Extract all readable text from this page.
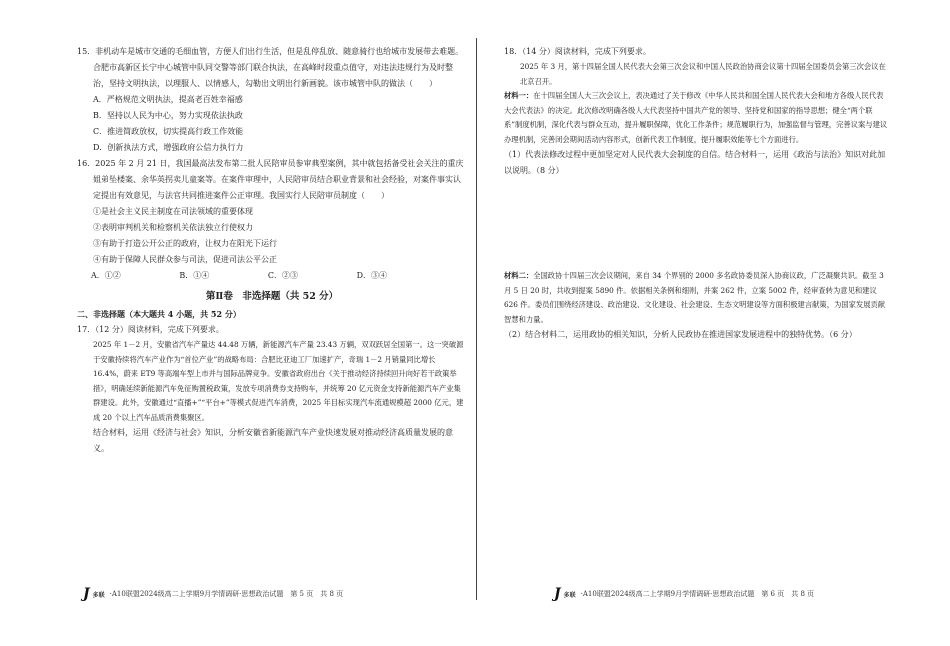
15．非机动车是城市交通的毛细血管，方便人们出行生活，但是乱停乱放、随意骑行也给城市发展带去难题。合肥市高新区长宁中心城管中队同交警等部门联合执法，在高峰时段重点值守，对违法违规行为及时整治，坚持文明执法，以理服人、以情感人，勾勒出文明出行新画貌。该市城管中队的做法（　　）

A．严格规范文明执法，提高老百姓幸福感

B．坚持以人民为中心，努力实现依法执政

C．推进简政放权，切实提高行政工作效能

D．创新执法方式，增强政府公信力执行力

16．2025 年 2 月 21 日，我国最高法发布第二批人民陪审员参审典型案例，其中就包括备受社会关注的重庆姐弟坠楼案、余华英拐卖儿童案等。在案件审理中，人民陪审员结合职业背景和社会经验，对案件事实认定提出有效意见，与法官共同推进案件公正审理。我国实行人民陪审员制度（　　）

①是社会主义民主制度在司法领域的重要体现

②表明审判机关和检察机关依法独立行使权力

③有助于打造公开公正的政府，让权力在阳光下运行

④有助于保障人民群众参与司法，促进司法公平公正

A．①②	B．①④	C．②③	D．③④

第Ⅱ卷　非选择题（共 52 分）

二、非选择题（本大题共 4 小题，共 52 分）

17．（12 分）阅读材料，完成下列要求。

2025 年 1－2 月，安徽省汽车产量达 44.48 万辆，新能源汽车产量 23.43 万辆，双双跃居全国第一。这一突破源于安徽持续将汽车产业作为“首位产业”的战略布局：合肥比亚迪工厂加速扩产，奇瑞 1－2 月销量同比增长 16.4%，蔚来 ET9 等高端车型上市并与国际品牌竞争。安徽省政府出台《关于推动经济持续回升向好若干政策举措》，明确延续新能源汽车免征购置税政策，发放专项消费券支持购车，并统筹 20 亿元资金支持新能源汽车产业集群建设。此外，安徽通过“直播+”“平台+”等模式促进汽车消费，2025 年目标实现汽车流通规模超 2000 亿元，建成 20 个以上汽车品质消费集聚区。

结合材料，运用《经济与社会》知识，分析安徽省新能源汽车产业快速发展对推动经济高质量发展的意义。

J 多联 ·A10联盟2024级高二上学期9月学情调研·思想政治试题　第 5 页　共 8 页

18．（14 分）阅读材料，完成下列要求。

2025 年 3 月，第十四届全国人民代表大会第三次会议和中国人民政治协商会议第十四届全国委员会第三次会议在北京召开。

材料一：在十四届全国人大三次会议上，表决通过了关于修改《中华人民共和国全国人民代表大会和地方各级人民代表大会代表法》的决定。此次修改明确各级人大代表坚持中国共产党的领导、坚持党和国家的指导思想；健全“两个联系”制度机制，深化代表与群众互动，提升履职保障，优化工作条件；规范履职行为，加强监督与管理，完善议案与建议办理机制，完善闭会期间活动内容形式，创新代表工作制度，提升履职效能等七个方面进行。

（1）代表法修改过程中更加坚定对人民代表大会制度的自信。结合材料一，运用《政治与法治》知识对此加以说明。（8 分）

材料二：全国政协十四届三次会议期间，来自 34 个界别的 2000 多名政协委员深入协商议政，广泛凝聚共识。截至 3 月 5 日 20 时，共收到提案 5890 件。依据相关条例和细则，并案 262 件，立案 5002 件，经审查转为意见和建议 626 件。委员们围绕经济建设、政治建设、文化建设、社会建设、生态文明建设等方面积极建言献策，为国家发展贡献智慧和力量。

（2）结合材料二，运用政协的相关知识，分析人民政协在推进国家发展进程中的独特优势。（6 分）

J 多联 ·A10联盟2024级高二上学期9月学情调研·思想政治试题　第 6 页　共 8 页
